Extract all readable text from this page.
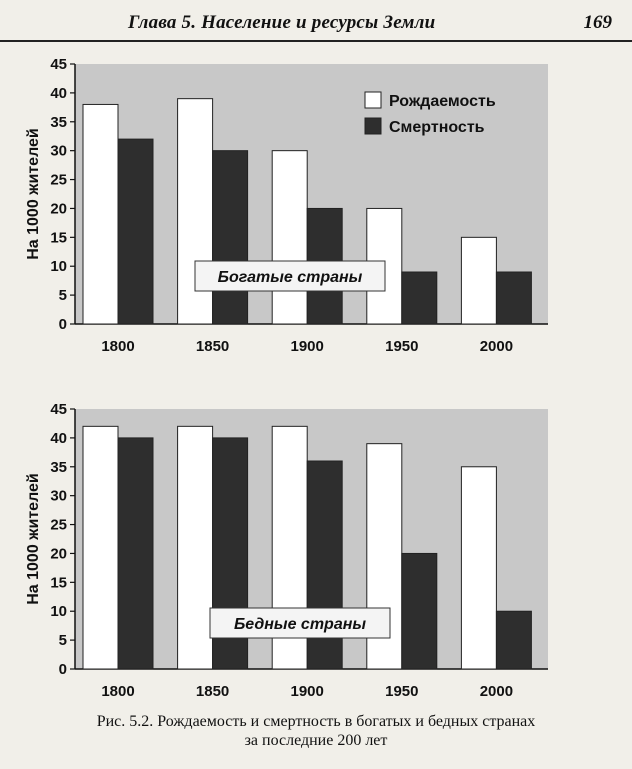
Глава 5. Население и ресурсы Земли	169
0
5
10
15
20
25
30
35
40
45
На 1000 жителей
1800	1850	1900	1950	2000
Рождаемость
Смертность
Богатые страны
0
5
10
15
20
25
30
35
40
45
На 1000 жителей
1800	1850	1900	1950	2000
Бедные страны
Рис. 5.2. Рождаемость и смертность в богатых и бедных странах
за последние 200 лет
